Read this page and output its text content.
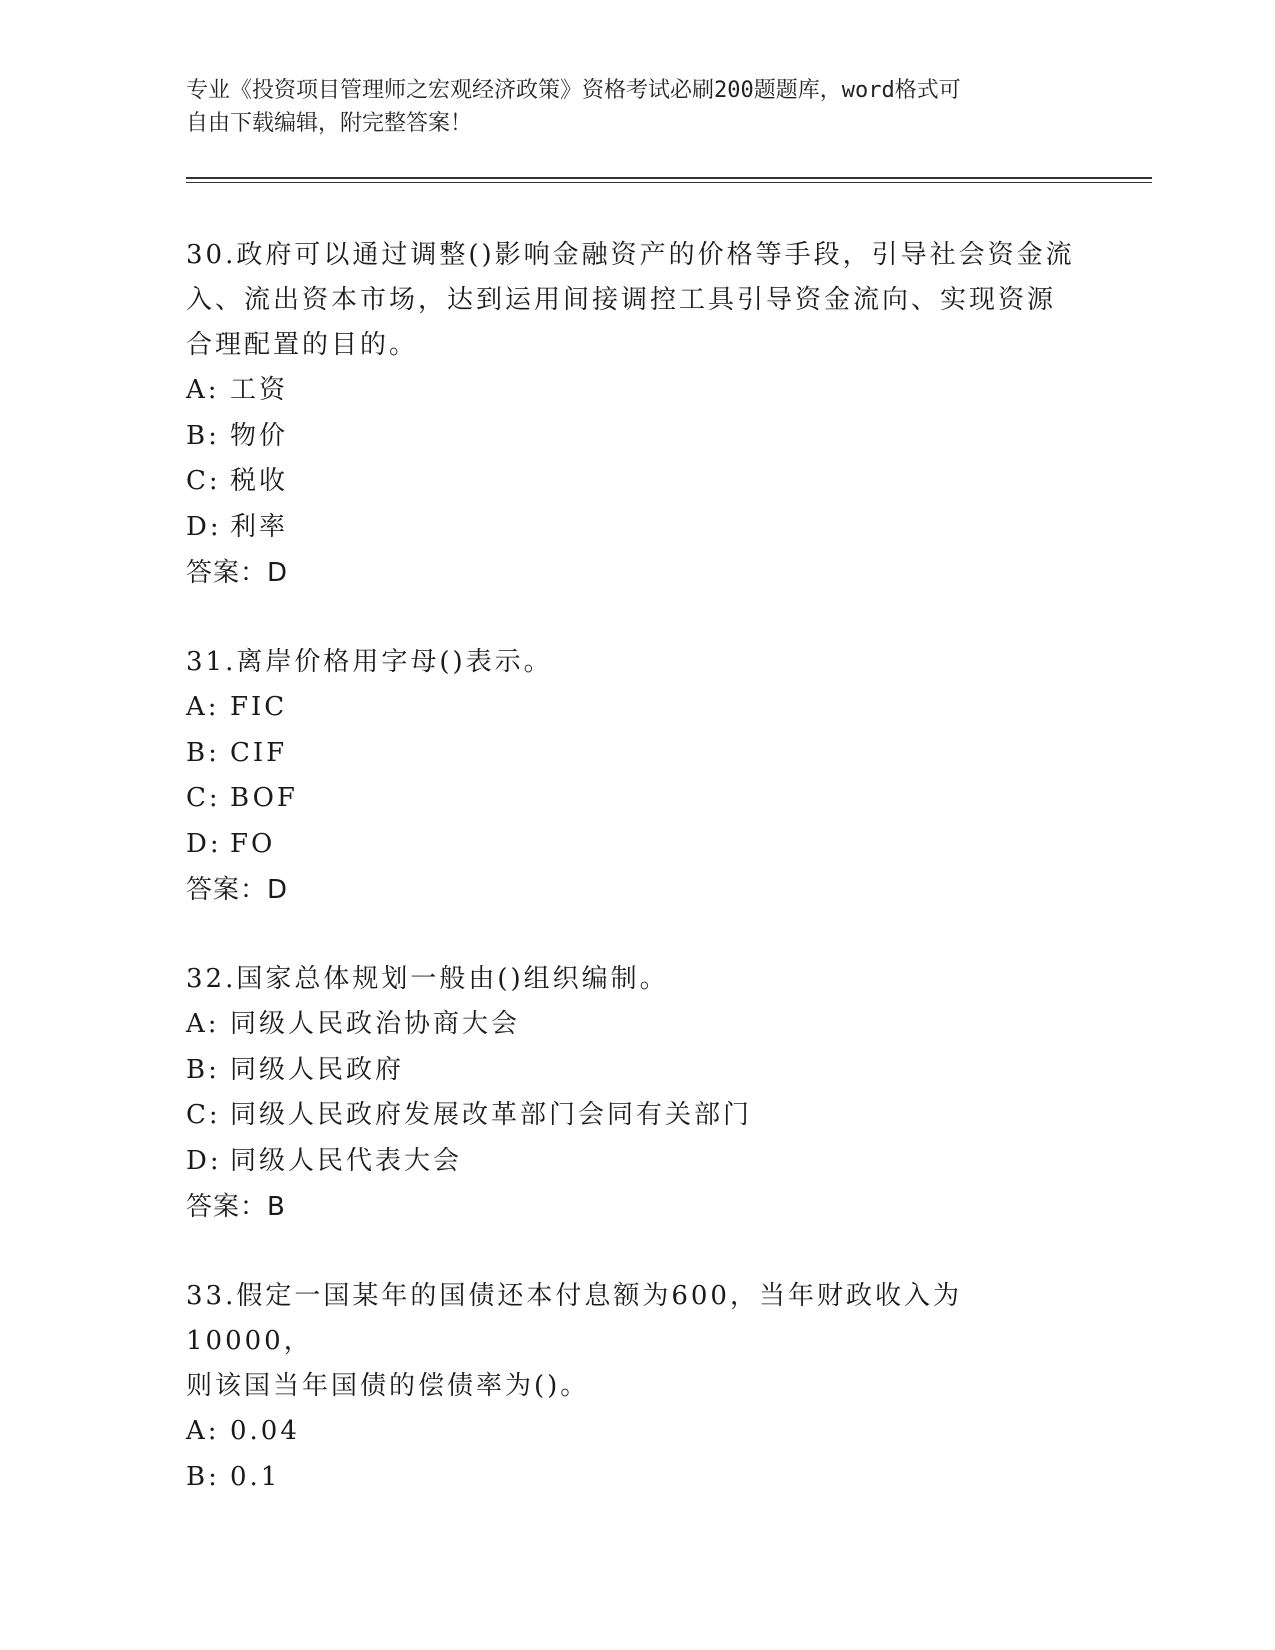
专业《投资项目管理师之宏观经济政策》资格考试必刷200题题库，word格式可
自由下载编辑，附完整答案！
30.政府可以通过调整()影响金融资产的价格等手段，引导社会资金流
入、流出资本市场，达到运用间接调控工具引导资金流向、实现资源
合理配置的目的。
A: 工资
B: 物价
C: 税收
D: 利率
答案：D
31.离岸价格用字母()表示。
A: FIC
B: CIF
C: BOF
D: FO
答案：D
32.国家总体规划一般由()组织编制。
A: 同级人民政治协商大会
B: 同级人民政府
C: 同级人民政府发展改革部门会同有关部门
D: 同级人民代表大会
答案：B
33.假定一国某年的国债还本付息额为600，当年财政收入为10000，
则该国当年国债的偿债率为()。
A: 0.04
B: 0.1
